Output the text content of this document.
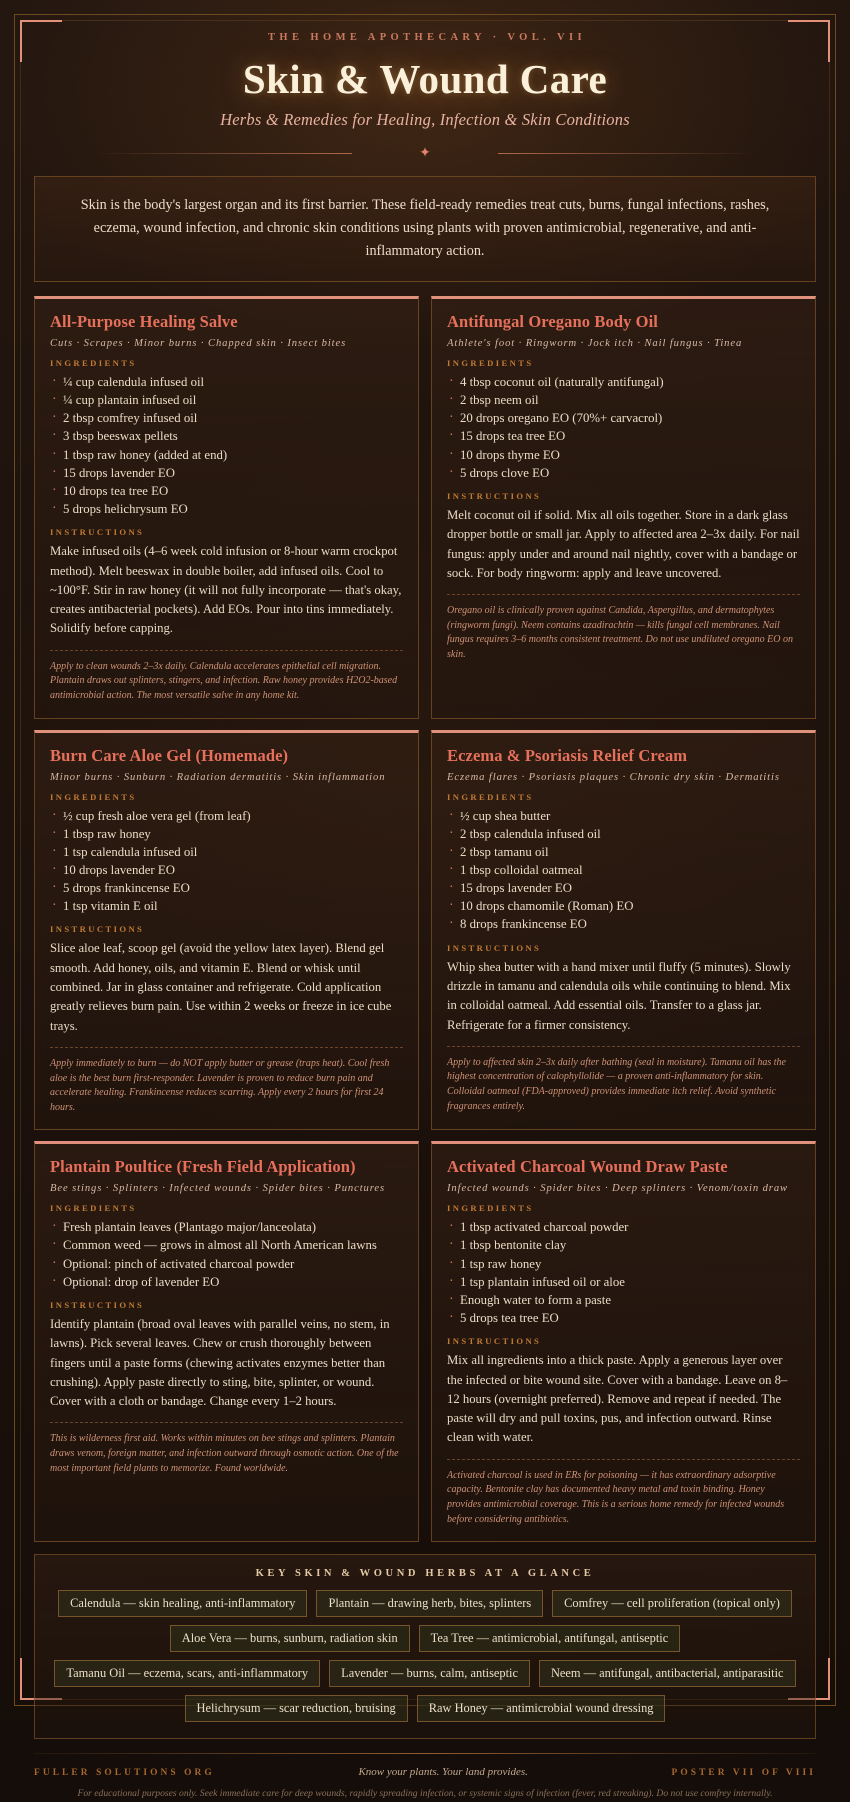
THE HOME APOTHECARY · VOL. VII
Skin & Wound Care
Herbs & Remedies for Healing, Infection & Skin Conditions
✦

Skin is the body's largest organ and its first barrier. These field-ready remedies treat cuts, burns, fungal infections, rashes, eczema, wound infection, and chronic skin conditions using plants with proven antimicrobial, regenerative, and anti-inflammatory action.

All-Purpose Healing Salve
Cuts · Scrapes · Minor burns · Chapped skin · Insect bites
INGREDIENTS
· ¼ cup calendula infused oil
· ¼ cup plantain infused oil
· 2 tbsp comfrey infused oil
· 3 tbsp beeswax pellets
· 1 tbsp raw honey (added at end)
· 15 drops lavender EO
· 10 drops tea tree EO
· 5 drops helichrysum EO
INSTRUCTIONS

Make infused oils (4–6 week cold infusion or 8-hour warm crockpot method). Melt beeswax in double boiler, add infused oils. Cool to ~100°F. Stir in raw honey (it will not fully incorporate — that's okay, creates antibacterial pockets). Add EOs. Pour into tins immediately. Solidify before capping.

Apply to clean wounds 2–3x daily. Calendula accelerates epithelial cell migration. Plantain draws out splinters, stingers, and infection. Raw honey provides H2O2-based antimicrobial action. The most versatile salve in any home kit.

Antifungal Oregano Body Oil
Athlete's foot · Ringworm · Jock itch · Nail fungus · Tinea
INGREDIENTS
· 4 tbsp coconut oil (naturally antifungal)
· 2 tbsp neem oil
· 20 drops oregano EO (70%+ carvacrol)
· 15 drops tea tree EO
· 10 drops thyme EO
· 5 drops clove EO
INSTRUCTIONS

Melt coconut oil if solid. Mix all oils together. Store in a dark glass dropper bottle or small jar. Apply to affected area 2–3x daily. For nail fungus: apply under and around nail nightly, cover with a bandage or sock. For body ringworm: apply and leave uncovered.

Oregano oil is clinically proven against Candida, Aspergillus, and dermatophytes (ringworm fungi). Neem contains azadirachtin — kills fungal cell membranes. Nail fungus requires 3–6 months consistent treatment. Do not use undiluted oregano EO on skin.

Burn Care Aloe Gel (Homemade)
Minor burns · Sunburn · Radiation dermatitis · Skin inflammation
INGREDIENTS
· ½ cup fresh aloe vera gel (from leaf)
· 1 tbsp raw honey
· 1 tsp calendula infused oil
· 10 drops lavender EO
· 5 drops frankincense EO
· 1 tsp vitamin E oil
INSTRUCTIONS

Slice aloe leaf, scoop gel (avoid the yellow latex layer). Blend gel smooth. Add honey, oils, and vitamin E. Blend or whisk until combined. Jar in glass container and refrigerate. Cold application greatly relieves burn pain. Use within 2 weeks or freeze in ice cube trays.

Apply immediately to burn — do NOT apply butter or grease (traps heat). Cool fresh aloe is the best burn first-responder. Lavender is proven to reduce burn pain and accelerate healing. Frankincense reduces scarring. Apply every 2 hours for first 24 hours.

Eczema & Psoriasis Relief Cream
Eczema flares · Psoriasis plaques · Chronic dry skin · Dermatitis
INGREDIENTS
· ½ cup shea butter
· 2 tbsp calendula infused oil
· 2 tbsp tamanu oil
· 1 tbsp colloidal oatmeal
· 15 drops lavender EO
· 10 drops chamomile (Roman) EO
· 8 drops frankincense EO
INSTRUCTIONS

Whip shea butter with a hand mixer until fluffy (5 minutes). Slowly drizzle in tamanu and calendula oils while continuing to blend. Mix in colloidal oatmeal. Add essential oils. Transfer to a glass jar. Refrigerate for a firmer consistency.

Apply to affected skin 2–3x daily after bathing (seal in moisture). Tamanu oil has the highest concentration of calophyllolide — a proven anti-inflammatory for skin. Colloidal oatmeal (FDA-approved) provides immediate itch relief. Avoid synthetic fragrances entirely.

Plantain Poultice (Fresh Field Application)
Bee stings · Splinters · Infected wounds · Spider bites · Punctures
INGREDIENTS
· Fresh plantain leaves (Plantago major/lanceolata)
· Common weed — grows in almost all North American lawns
· Optional: pinch of activated charcoal powder
· Optional: drop of lavender EO
INSTRUCTIONS

Identify plantain (broad oval leaves with parallel veins, no stem, in lawns). Pick several leaves. Chew or crush thoroughly between fingers until a paste forms (chewing activates enzymes better than crushing). Apply paste directly to sting, bite, splinter, or wound. Cover with a cloth or bandage. Change every 1–2 hours.

This is wilderness first aid. Works within minutes on bee stings and splinters. Plantain draws venom, foreign matter, and infection outward through osmotic action. One of the most important field plants to memorize. Found worldwide.

Activated Charcoal Wound Draw Paste
Infected wounds · Spider bites · Deep splinters · Venom/toxin draw
INGREDIENTS
· 1 tbsp activated charcoal powder
· 1 tbsp bentonite clay
· 1 tsp raw honey
· 1 tsp plantain infused oil or aloe
· Enough water to form a paste
· 5 drops tea tree EO
INSTRUCTIONS

Mix all ingredients into a thick paste. Apply a generous layer over the infected or bite wound site. Cover with a bandage. Leave on 8–12 hours (overnight preferred). Remove and repeat if needed. The paste will dry and pull toxins, pus, and infection outward. Rinse clean with water.

Activated charcoal is used in ERs for poisoning — it has extraordinary adsorptive capacity. Bentonite clay has documented heavy metal and toxin binding. Honey provides antimicrobial coverage. This is a serious home remedy for infected wounds before considering antibiotics.

KEY SKIN & WOUND HERBS AT A GLANCE
Calendula — skin healing, anti-inflammatory	Plantain — drawing herb, bites, splinters	Comfrey — cell proliferation (topical only)
Aloe Vera — burns, sunburn, radiation skin	Tea Tree — antimicrobial, antifungal, antiseptic
Tamanu Oil — eczema, scars, anti-inflammatory	Lavender — burns, calm, antiseptic	Neem — antifungal, antibacterial, antiparasitic
Helichrysum — scar reduction, bruising	Raw Honey — antimicrobial wound dressing
FULLER SOLUTIONS ORG	Know your plants. Your land provides.	POSTER VII OF VIII

For educational purposes only. Seek immediate care for deep wounds, rapidly spreading infection, or systemic signs of infection (fever, red streaking). Do not use comfrey internally.
